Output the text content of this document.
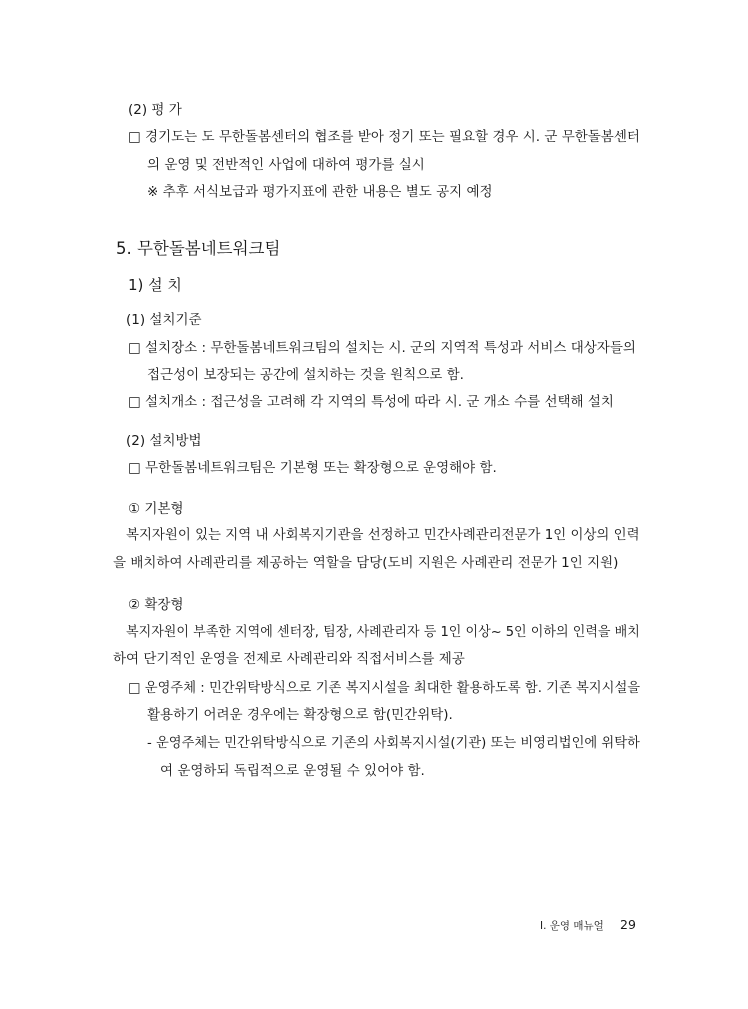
(2) 평 가
□ 경기도는 도 무한돌봄센터의 협조를 받아 정기 또는 필요할 경우 시. 군 무한돌봄센터
의 운영 및 전반적인 사업에 대하여 평가를 실시
※ 추후 서식보급과 평가지표에 관한 내용은 별도 공지 예정
5. 무한돌봄네트워크팀
1) 설 치
(1) 설치기준
□ 설치장소 : 무한돌봄네트워크팀의 설치는 시. 군의 지역적 특성과 서비스 대상자들의
접근성이 보장되는 공간에 설치하는 것을 원칙으로 함.
□ 설치개소 : 접근성을 고려해 각 지역의 특성에 따라 시. 군 개소 수를 선택해 설치
(2) 설치방법
□ 무한돌봄네트워크팀은 기본형 또는 확장형으로 운영해야 함.
① 기본형
복지자원이 있는 지역 내 사회복지기관을 선정하고 민간사례관리전문가 1인 이상의 인력
을 배치하여 사례관리를 제공하는 역할을 담당(도비 지원은 사례관리 전문가 1인 지원)
② 확장형
복지자원이 부족한 지역에 센터장, 팀장, 사례관리자 등 1인 이상~ 5인 이하의 인력을 배치
하여 단기적인 운영을 전제로 사례관리와 직접서비스를 제공
□ 운영주체 : 민간위탁방식으로 기존 복지시설을 최대한 활용하도록 함. 기존 복지시설을
활용하기 어려운 경우에는 확장형으로 함(민간위탁).
- 운영주체는 민간위탁방식으로 기존의 사회복지시설(기관) 또는 비영리법인에 위탁하
여 운영하되 독립적으로 운영될 수 있어야 함.
Ⅰ. 운영 매뉴얼 29
